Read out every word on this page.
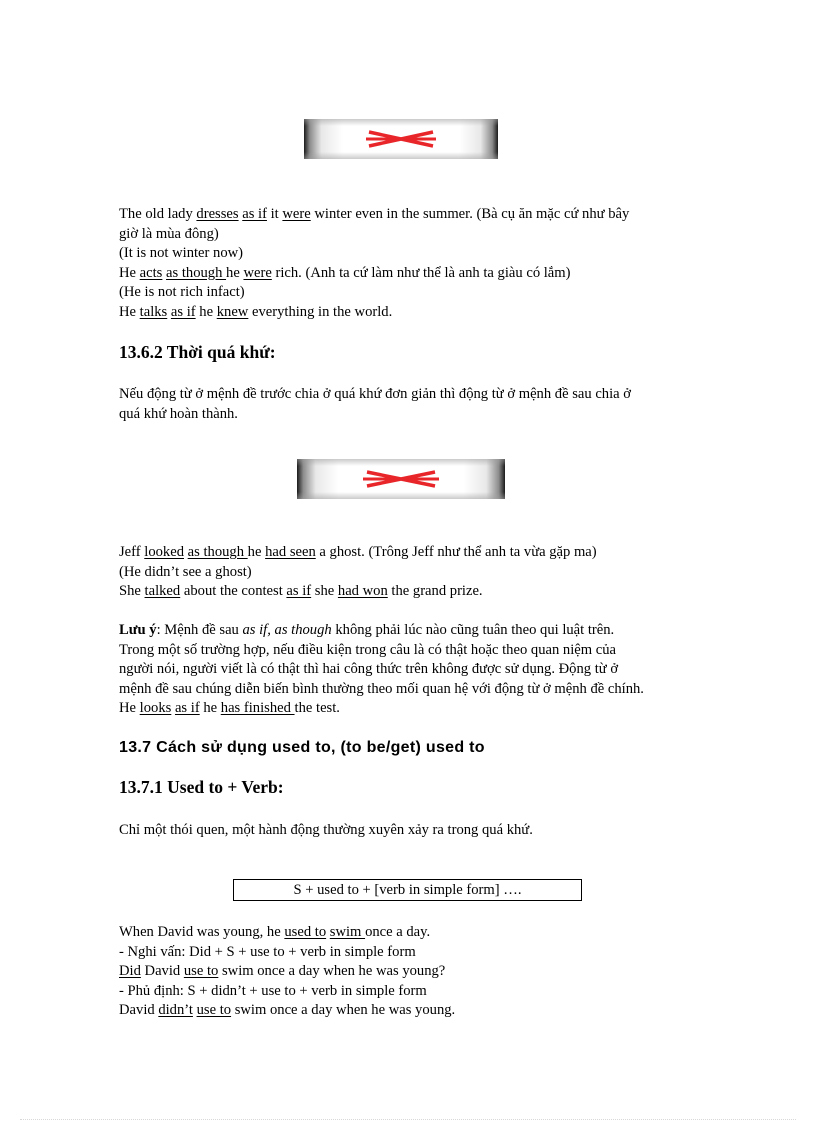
The old lady dresses as if it were winter even in the summer. (Bà cụ ăn mặc cứ như bây
giờ là mùa đông)
(It is not winter now)
He acts as though he were rich. (Anh ta cứ làm như thể là anh ta giàu có lắm)
(He is not rich infact)
He talks as if he knew everything in the world.
13.6.2 Thời quá khứ:
Nếu động từ ở mệnh đề trước chia ở quá khứ đơn giản thì động từ ở mệnh đề sau chia ở
quá khứ hoàn thành.
Jeff looked as though he had seen a ghost. (Trông Jeff như thể anh ta vừa gặp ma)
(He didn’t see a ghost)
She talked about the contest as if she had won the grand prize.
Lưu ý: Mệnh đề sau as if, as though không phải lúc nào cũng tuân theo qui luật trên.
Trong một số trường hợp, nếu điều kiện trong câu là có thật hoặc theo quan niệm của
người nói, người viết là có thật thì hai công thức trên không được sử dụng. Động từ ở
mệnh đề sau chúng diễn biến bình thường theo mối quan hệ với động từ ở mệnh đề chính.
He looks as if he has finished the test.
13.7 Cách sử dụng used to, (to be/get) used to
13.7.1 Used to + Verb:
Chỉ một thói quen, một hành động thường xuyên xảy ra trong quá khứ.
S + used to + [verb in simple form] ….
When David was young, he used to swim once a day.
- Nghi vấn: Did + S + use to + verb in simple form
Did David use to swim once a day when he was young?
- Phủ định: S + didn’t + use to + verb in simple form
David didn’t use to swim once a day when he was young.
